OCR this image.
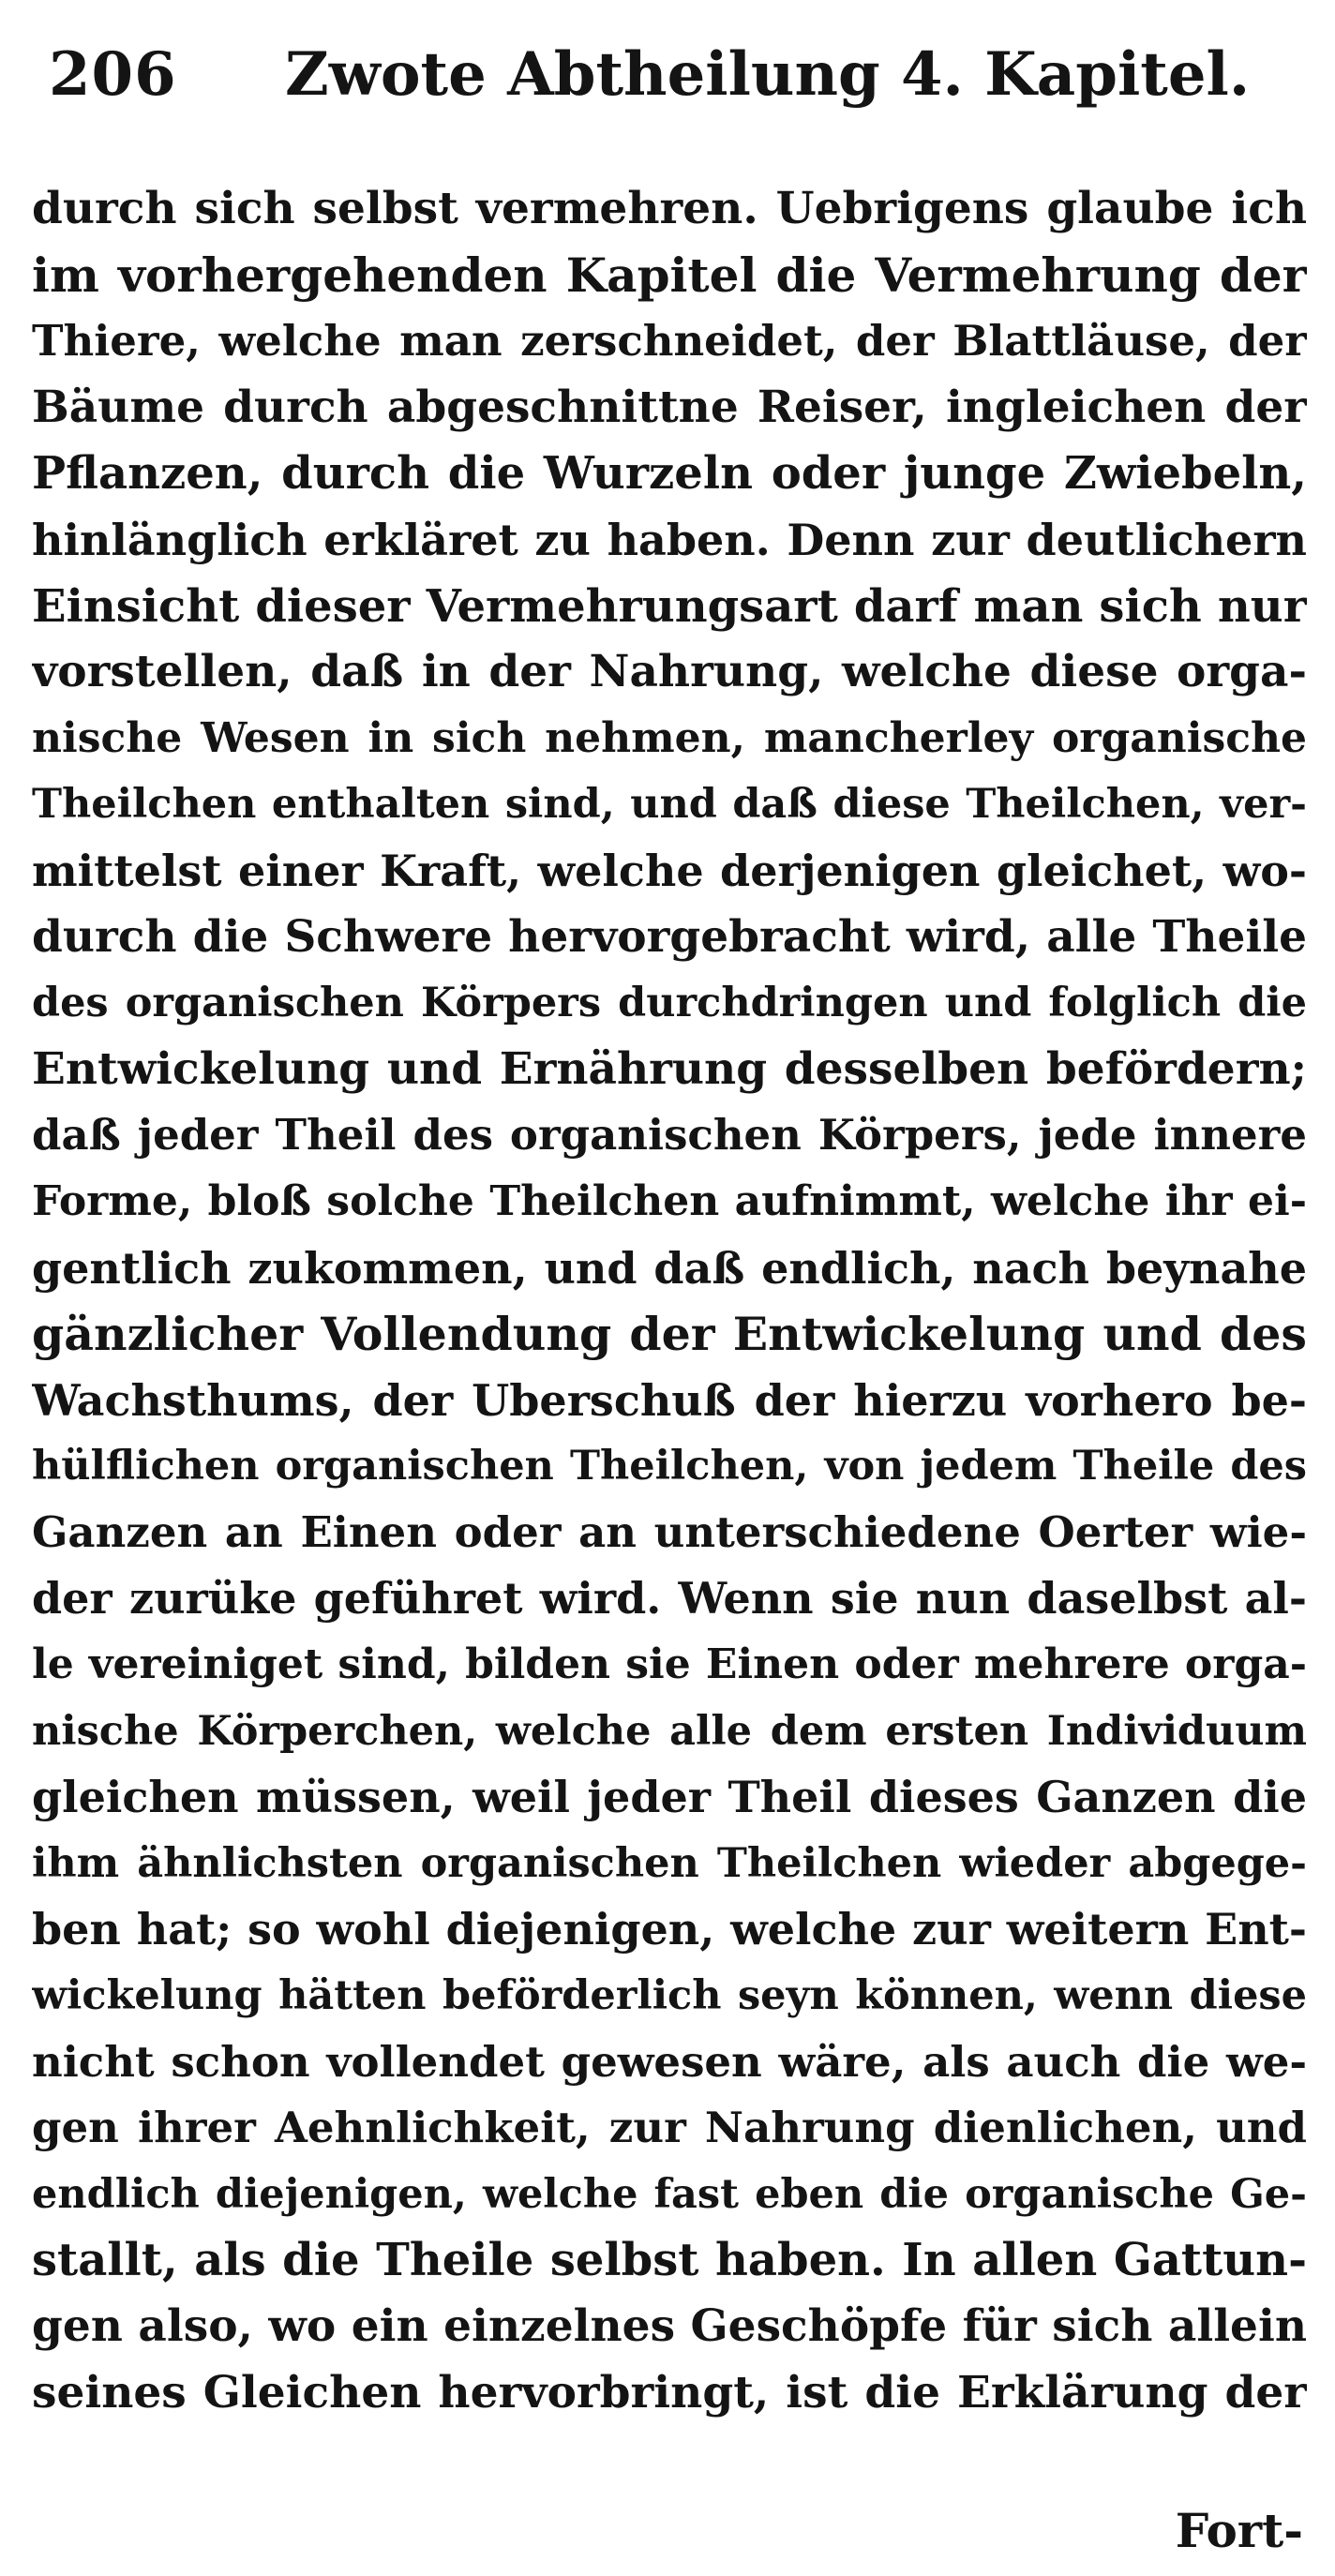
206 Zwote Abtheilung 4. Kapitel.
durch sich selbst vermehren. Uebrigens glaube ich
im vorhergehenden Kapitel die Vermehrung der
Thiere, welche man zerschneidet, der Blattläuse, der
Bäume durch abgeschnittne Reiser, ingleichen der
Pflanzen, durch die Wurzeln oder junge Zwiebeln,
hinlänglich erkläret zu haben. Denn zur deutlichern
Einsicht dieser Vermehrungsart darf man sich nur
vorstellen, daß in der Nahrung, welche diese orga-
nische Wesen in sich nehmen, mancherley organische
Theilchen enthalten sind, und daß diese Theilchen, ver-
mittelst einer Kraft, welche derjenigen gleichet, wo-
durch die Schwere hervorgebracht wird, alle Theile
des organischen Körpers durchdringen und folglich die
Entwickelung und Ernährung desselben befördern;
daß jeder Theil des organischen Körpers, jede innere
Forme, bloß solche Theilchen aufnimmt, welche ihr ei-
gentlich zukommen, und daß endlich, nach beynahe
gänzlicher Vollendung der Entwickelung und des
Wachsthums, der Uberschuß der hierzu vorhero be-
hülflichen organischen Theilchen, von jedem Theile des
Ganzen an Einen oder an unterschiedene Oerter wie-
der zurüke geführet wird. Wenn sie nun daselbst al-
le vereiniget sind, bilden sie Einen oder mehrere orga-
nische Körperchen, welche alle dem ersten Individuum
gleichen müssen, weil jeder Theil dieses Ganzen die
ihm ähnlichsten organischen Theilchen wieder abgege-
ben hat; so wohl diejenigen, welche zur weitern Ent-
wickelung hätten beförderlich seyn können, wenn diese
nicht schon vollendet gewesen wäre, als auch die we-
gen ihrer Aehnlichkeit, zur Nahrung dienlichen, und
endlich diejenigen, welche fast eben die organische Ge-
stallt, als die Theile selbst haben. In allen Gattun-
gen also, wo ein einzelnes Geschöpfe für sich allein
seines Gleichen hervorbringt, ist die Erklärung der
Fort-
